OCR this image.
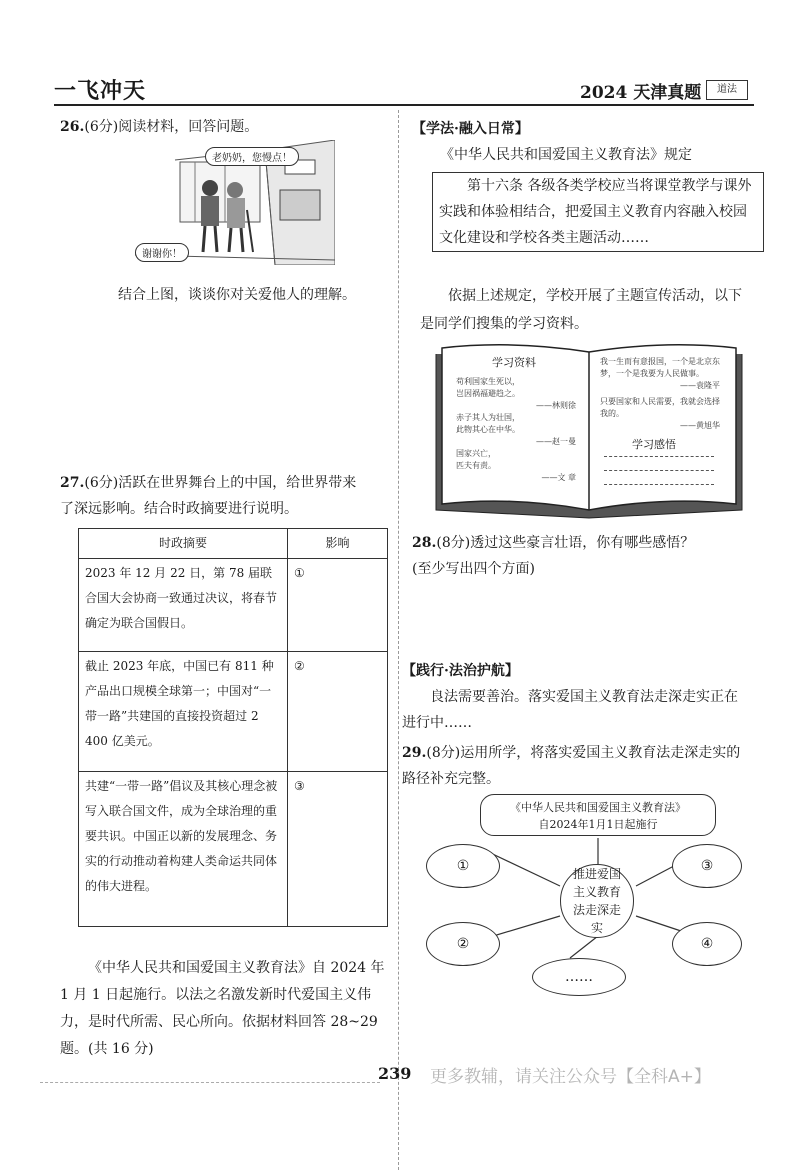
一飞冲天	2024 天津真题	道法
26.(6分)阅读材料，回答问题。
老奶奶，您慢点！
谢谢你！
结合上图，谈谈你对关爱他人的理解。
27.(6分)活跃在世界舞台上的中国，给世界带来
了深远影响。结合时政摘要进行说明。
时政摘要	影响
2023 年 12 月 22 日，第 78 届联合国大会协商一致通过决议，将春节确定为联合国假日。	①
截止 2023 年底，中国已有 811 种产品出口规模全球第一；中国对“一带一路”共建国的直接投资超过 2 400 亿美元。	②
共建“一带一路”倡议及其核心理念被写入联合国文件，成为全球治理的重要共识。中国正以新的发展理念、务实的行动推动着构建人类命运共同体的伟大进程。	③
《中华人民共和国爱国主义教育法》自 2024 年 1 月 1 日起施行。以法之名激发新时代爱国主义伟力，是时代所需、民心所向。依据材料回答 28~29 题。(共 16 分)
【学法·融入日常】
《中华人民共和国爱国主义教育法》规定
第十六条 各级各类学校应当将课堂教学与课外实践和体验相结合，把爱国主义教育内容融入校园文化建设和学校各类主题活动……
依据上述规定，学校开展了主题宣传活动，以下是同学们搜集的学习资料。
学习资料
苟利国家生死以，
岂因祸福避趋之。
——林则徐
赤子其人为壮国，
此物其心在中华。
——赵一曼
国家兴亡，
匹夫有责。
——文 章
我一生而有意报国，一个是北京东梦，一个是我要为人民做事。
——袁隆平
只要国家和人民需要，我就会选择我的。
——黄旭华
学习感悟
28.(8分)透过这些豪言壮语，你有哪些感悟？
(至少写出四个方面)
【践行·法治护航】
良法需要善治。落实爱国主义教育法走深走实正在进行中……
29.(8分)运用所学，将落实爱国主义教育法走深走实的路径补充完整。
《中华人民共和国爱国主义教育法》
自2024年1月1日起施行
推进爱国主义教育法走深走实
①
②
③
④
……
239 更多教辅，请关注公众号【全科A+】
